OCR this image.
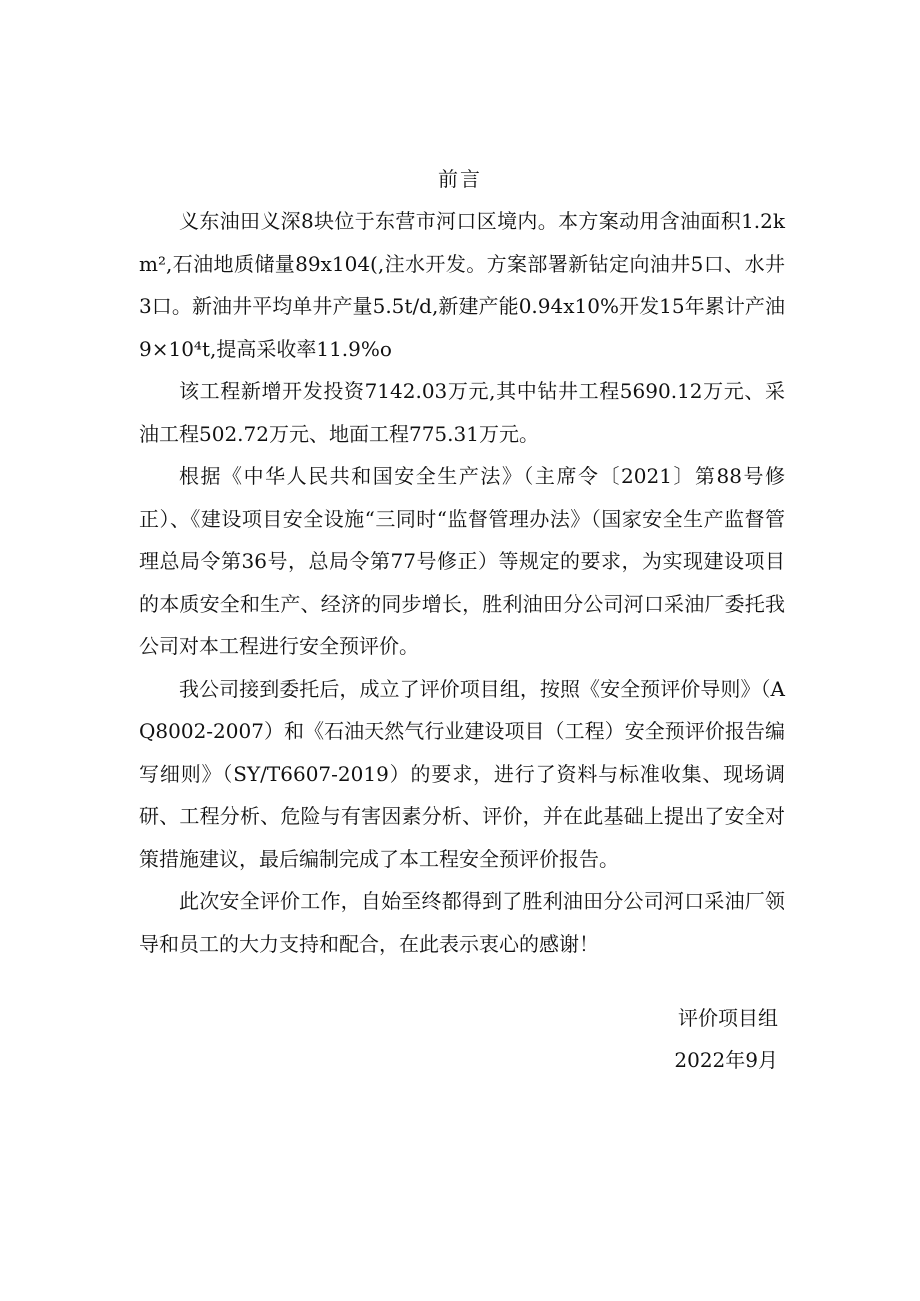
前言

义东油田义深8块位于东营市河口区境内。本方案动用含油面积1.2km²,石油地质储量89x104(,注水开发。方案部署新钻定向油井5口、水井3口。新油井平均单井产量5.5t/d,新建产能0.94x10%开发15年累计产油9×10⁴t,提高采收率11.9%o

该工程新增开发投资7142.03万元,其中钻井工程5690.12万元、采油工程502.72万元、地面工程775.31万元。

根据《中华人民共和国安全生产法》（主席令〔2021〕第88号修正）、《建设项目安全设施“三同时“监督管理办法》（国家安全生产监督管理总局令第36号，总局令第77号修正）等规定的要求，为实现建设项目的本质安全和生产、经济的同步增长，胜利油田分公司河口采油厂委托我公司对本工程进行安全预评价。

我公司接到委托后，成立了评价项目组，按照《安全预评价导则》（AQ8002-2007）和《石油天然气行业建设项目（工程）安全预评价报告编写细则》（SY/T6607-2019）的要求，进行了资料与标准收集、现场调研、工程分析、危险与有害因素分析、评价，并在此基础上提出了安全对策措施建议，最后编制完成了本工程安全预评价报告。

此次安全评价工作，自始至终都得到了胜利油田分公司河口采油厂领导和员工的大力支持和配合，在此表示衷心的感谢！

评价项目组
2022年9月
